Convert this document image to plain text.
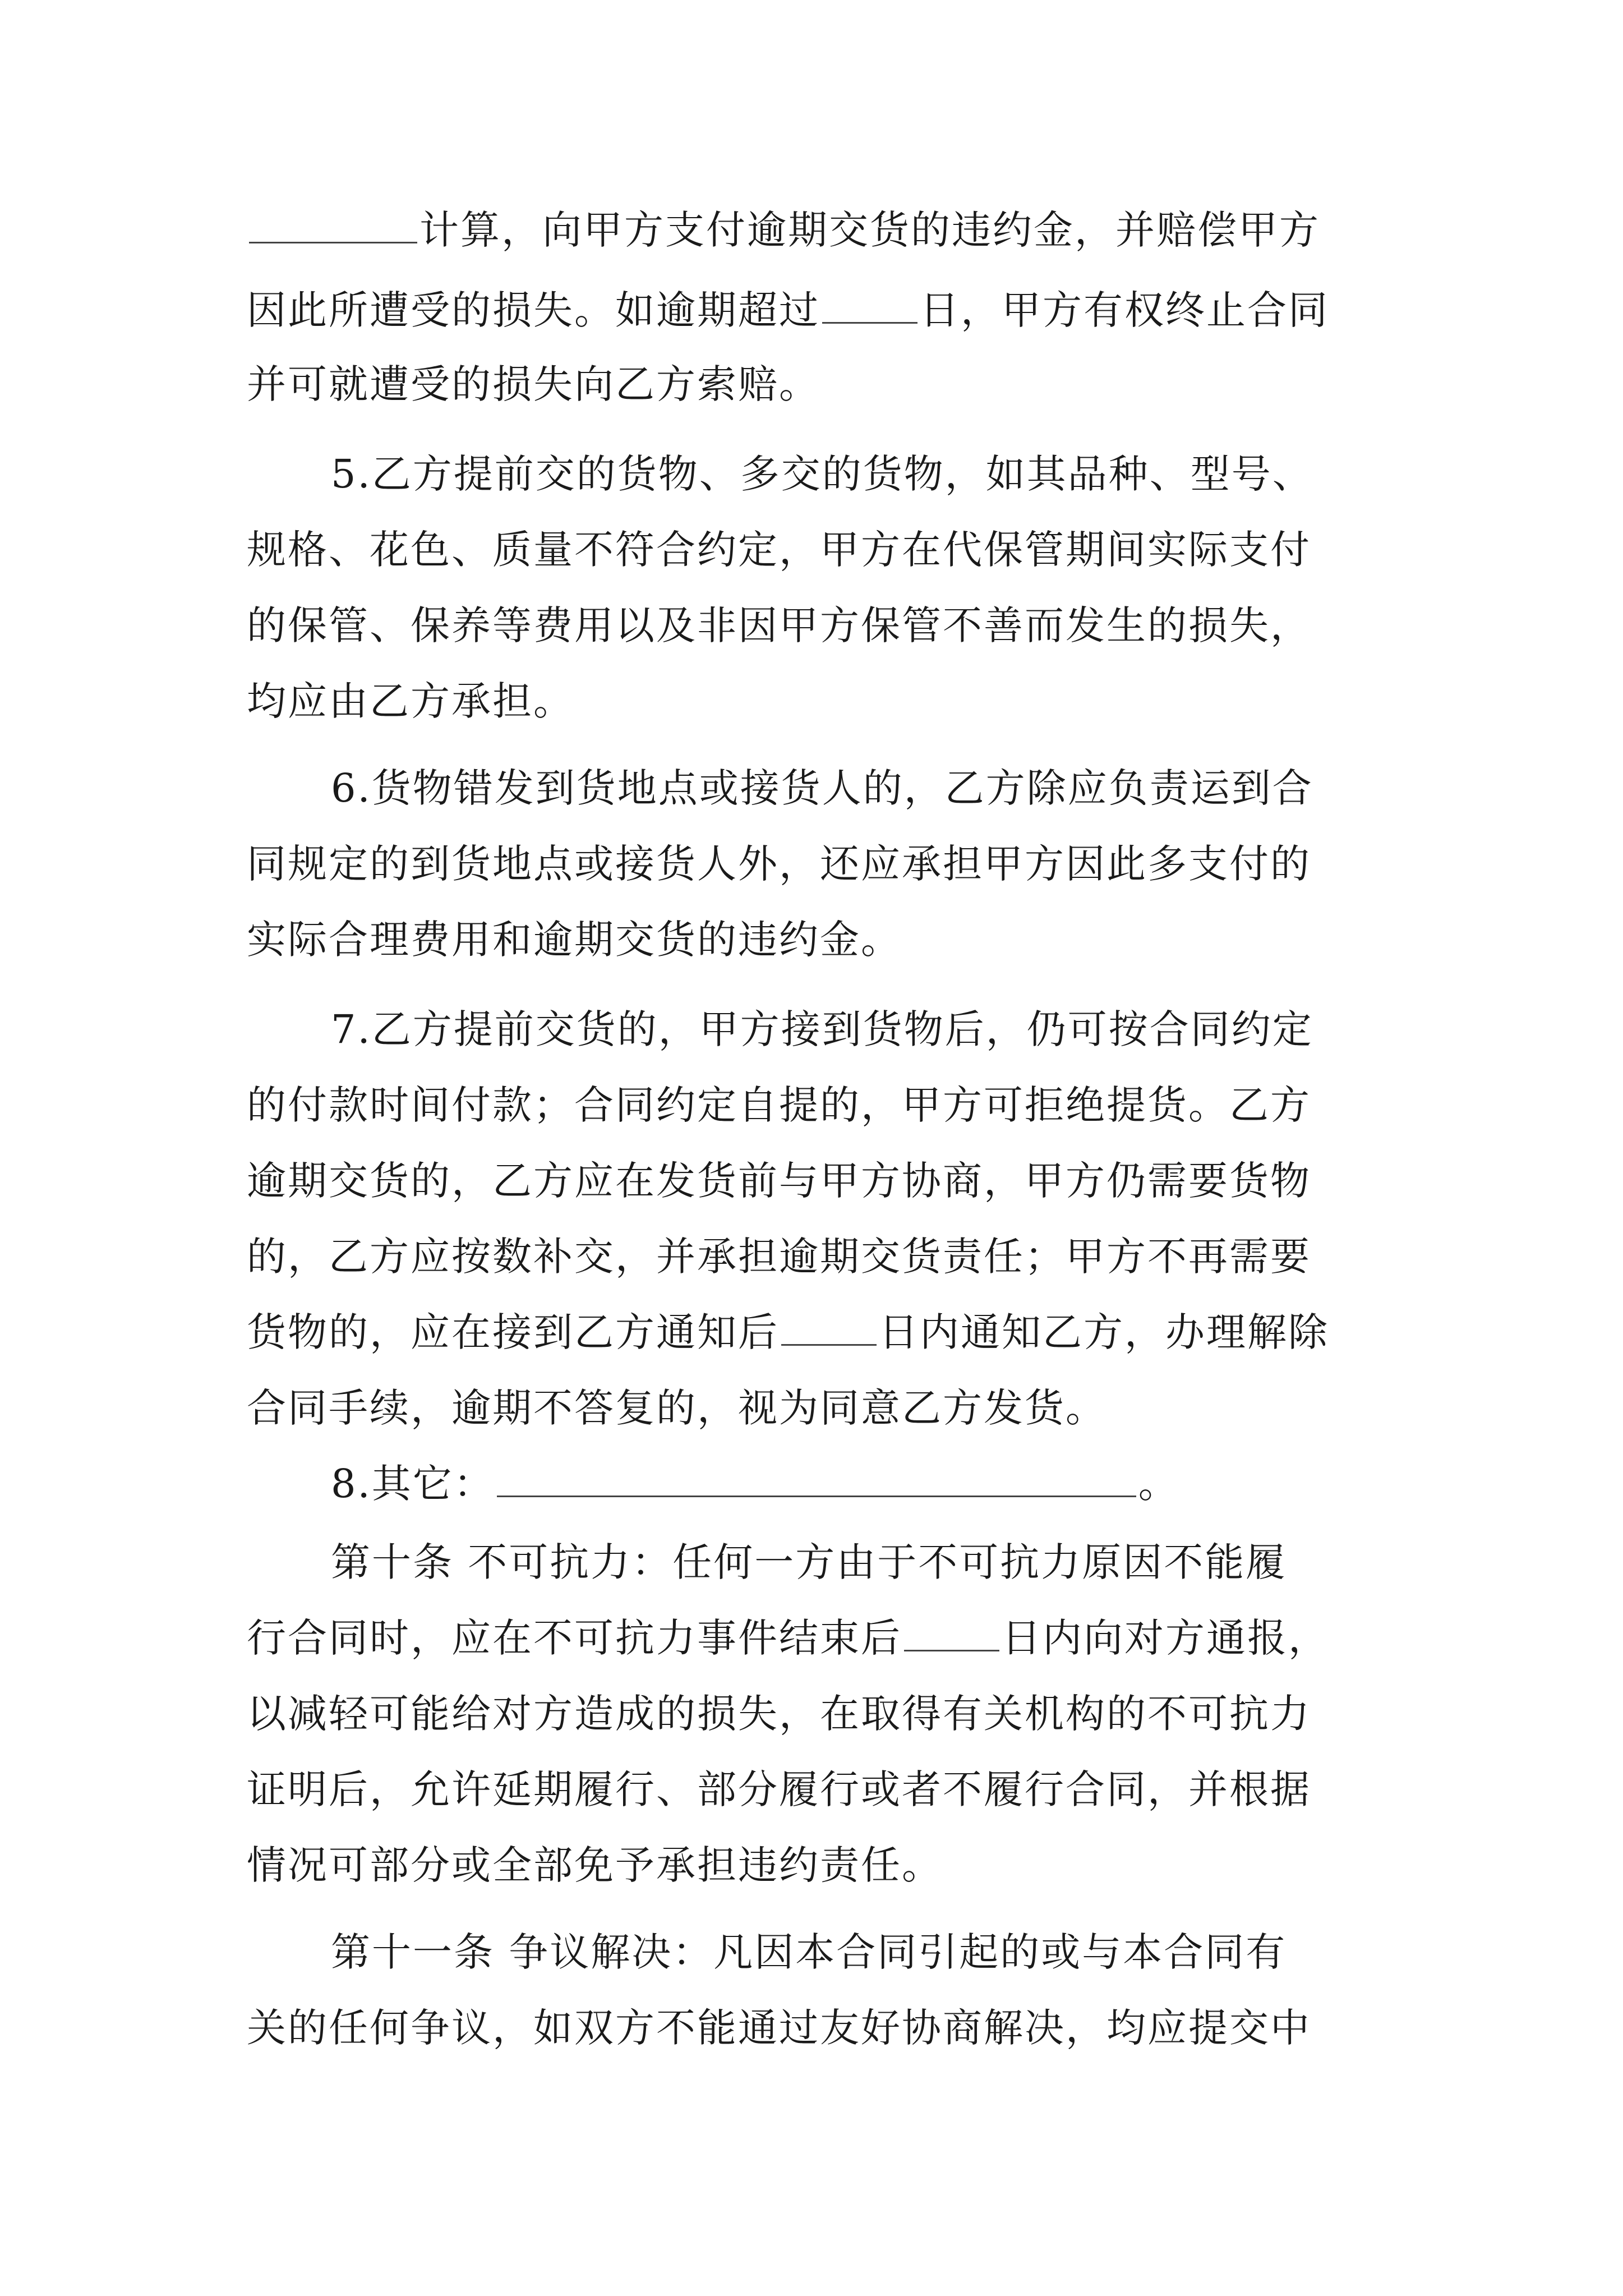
计算，向甲方支付逾期交货的违约金，并赔偿甲方
因此所遭受的损失。如逾期超过	日，甲方有权终止合同
并可就遭受的损失向乙方索赔。
5.乙方提前交的货物、多交的货物，如其品种、型号、
规格、花色、质量不符合约定，甲方在代保管期间实际支付
的保管、保养等费用以及非因甲方保管不善而发生的损失，
均应由乙方承担。
6.货物错发到货地点或接货人的，乙方除应负责运到合
同规定的到货地点或接货人外，还应承担甲方因此多支付的
实际合理费用和逾期交货的违约金。
7.乙方提前交货的，甲方接到货物后，仍可按合同约定
的付款时间付款；合同约定自提的，甲方可拒绝提货。乙方
逾期交货的，乙方应在发货前与甲方协商，甲方仍需要货物
的，乙方应按数补交，并承担逾期交货责任；甲方不再需要
货物的，应在接到乙方通知后	日内通知乙方，办理解除
合同手续，逾期不答复的，视为同意乙方发货。
8.其它：	。
第十条 不可抗力：任何一方由于不可抗力原因不能履
行合同时，应在不可抗力事件结束后	日内向对方通报，
以减轻可能给对方造成的损失，在取得有关机构的不可抗力
证明后，允许延期履行、部分履行或者不履行合同，并根据
情况可部分或全部免予承担违约责任。
第十一条 争议解决：凡因本合同引起的或与本合同有
关的任何争议，如双方不能通过友好协商解决，均应提交中
